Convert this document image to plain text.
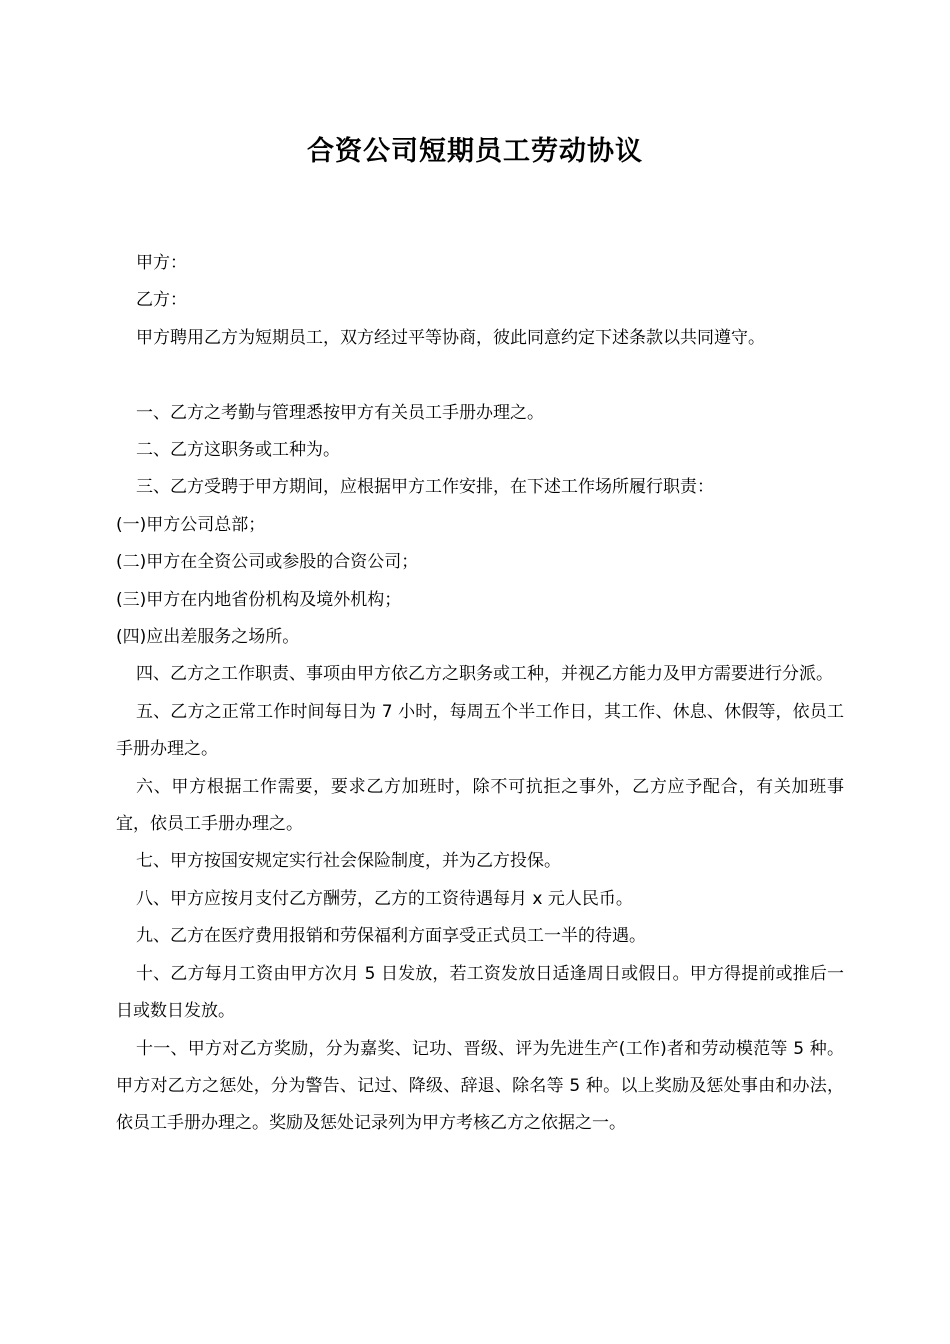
合资公司短期员工劳动协议

甲方：

乙方：

甲方聘用乙方为短期员工，双方经过平等协商，彼此同意约定下述条款以共同遵守。

一、乙方之考勤与管理悉按甲方有关员工手册办理之。

二、乙方这职务或工种为。

三、乙方受聘于甲方期间，应根据甲方工作安排，在下述工作场所履行职责：

(一)甲方公司总部；

(二)甲方在全资公司或参股的合资公司；

(三)甲方在内地省份机构及境外机构；

(四)应出差服务之场所。

四、乙方之工作职责、事项由甲方依乙方之职务或工种，并视乙方能力及甲方需要进行分派。

五、乙方之正常工作时间每日为 7 小时，每周五个半工作日，其工作、休息、休假等，依员工手册办理之。

六、甲方根据工作需要，要求乙方加班时，除不可抗拒之事外，乙方应予配合，有关加班事宜，依员工手册办理之。

七、甲方按国安规定实行社会保险制度，并为乙方投保。

八、甲方应按月支付乙方酬劳，乙方的工资待遇每月 x 元人民币。

九、乙方在医疗费用报销和劳保福利方面享受正式员工一半的待遇。

十、乙方每月工资由甲方次月 5 日发放，若工资发放日适逢周日或假日。甲方得提前或推后一日或数日发放。

十一、甲方对乙方奖励，分为嘉奖、记功、晋级、评为先进生产(工作)者和劳动模范等 5 种。甲方对乙方之惩处，分为警告、记过、降级、辞退、除名等 5 种。以上奖励及惩处事由和办法，依员工手册办理之。奖励及惩处记录列为甲方考核乙方之依据之一。
